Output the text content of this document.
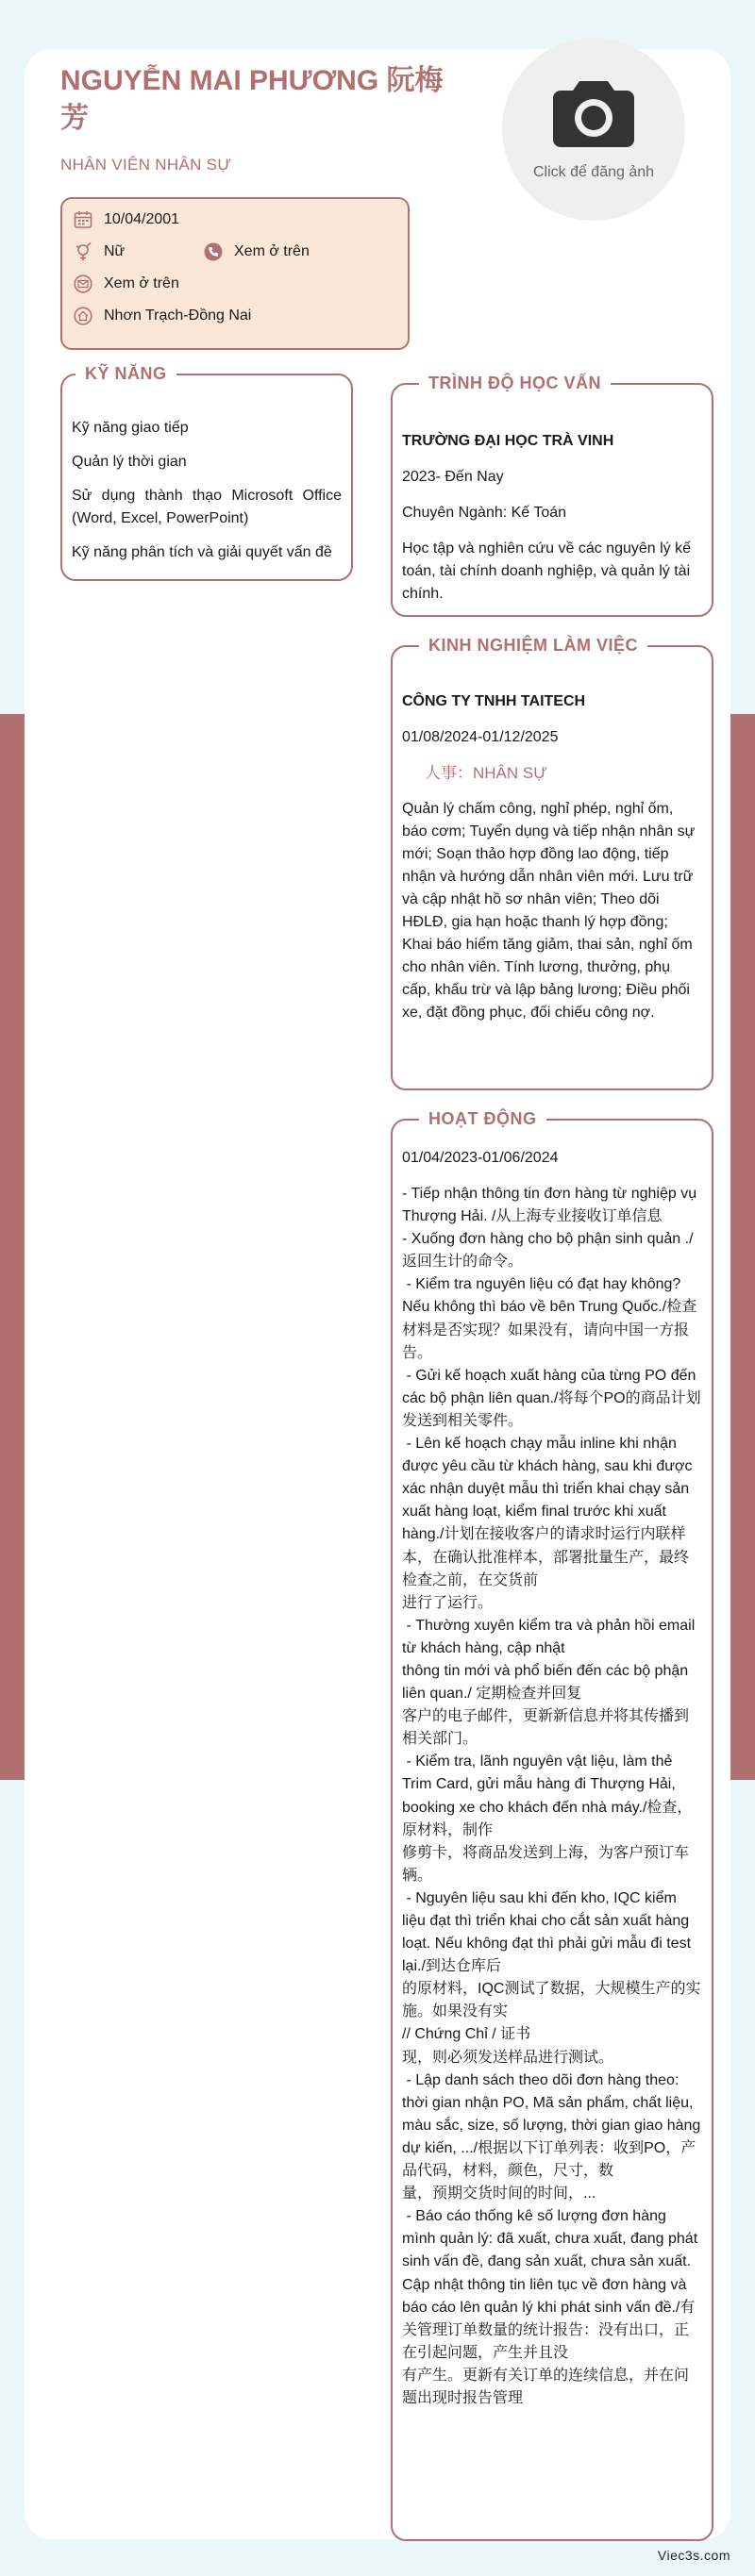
NGUYỄN MAI PHƯƠNG 阮梅芳
NHÂN VIÊN NHÂN SỰ	Click để đăng ảnh
10/04/2001
Nữ	Xem ở trên
Xem ở trên
Nhơn Trạch-Đồng Nai
KỸ NĂNG

Kỹ năng giao tiếp

Quản lý thời gian

Sử dụng thành thạo Microsoft Office (Word, Excel, PowerPoint)

Kỹ năng phân tích và giải quyết vấn đề

TRÌNH ĐỘ HỌC VẤN

TRƯỜNG ĐẠI HỌC TRÀ VINH

2023- Đến Nay

Chuyên Ngành: Kế Toán

Học tập và nghiên cứu về các nguyên lý kế toán, tài chính doanh nghiệp, và quản lý tài chính.

KINH NGHIỆM LÀM VIỆC

CÔNG TY TNHH TAITECH

01/08/2024-01/12/2025

人事：NHÂN SỰ

Quản lý chấm công, nghỉ phép, nghỉ ốm, báo cơm; Tuyển dụng và tiếp nhận nhân sự mới; Soạn thảo hợp đồng lao động, tiếp nhận và hướng dẫn nhân viên mới. Lưu trữ và cập nhật hồ sơ nhân viên; Theo dõi HĐLĐ, gia hạn hoặc thanh lý hợp đồng; Khai báo hiểm tăng giảm, thai sản, nghỉ ốm cho nhân viên. Tính lương, thưởng, phụ cấp, khấu trừ và lập bảng lương; Điều phối xe, đặt đồng phục, đối chiếu công nợ.

HOẠT ĐỘNG

01/04/2023-01/06/2024

- Tiếp nhận thông tin đơn hàng từ nghiệp vụ Thượng Hải. /从上海专业接收订单信息
- Xuống đơn hàng cho bộ phận sinh quản ./返回生计的命令。
- Kiểm tra nguyên liệu có đạt hay không? Nếu không thì báo về bên Trung Quốc./检查材料是否实现？如果没有，请向中国一方报告。
- Gửi kế hoạch xuất hàng của từng PO đến các bộ phận liên quan./将每个PO的商品计划发送到相关零件。
- Lên kế hoạch chạy mẫu inline khi nhận được yêu cầu từ khách hàng, sau khi được xác nhận duyệt mẫu thì triển khai chạy sản xuất hàng loạt, kiểm final trước khi xuất hàng./计划在接收客户的请求时运行内联样
本，在确认批准样本，部署批量生产，最终检查之前，在交货前
进行了运行。
- Thường xuyên kiểm tra và phản hồi email từ khách hàng, cập nhật
thông tin mới và phổ biến đến các bộ phận liên quan./ 定期检查并回复
客户的电子邮件，更新新信息并将其传播到相关部门。
- Kiểm tra, lãnh nguyên vật liệu, làm thẻ Trim Card, gửi mẫu hàng đi Thượng Hải, booking xe cho khách đến nhà máy./检查，原材料，制作
修剪卡，将商品发送到上海，为客户预订车辆。
- Nguyên liệu sau khi đến kho, IQC kiểm liệu đạt thì triển khai cho cắt sản xuất hàng loạt. Nếu không đạt thì phải gửi mẫu đi test lại./到达仓库后
的原材料，IQC测试了数据，大规模生产的实施。如果没有实
// Chứng Chỉ / 证书
现，则必须发送样品进行测试。
- Lập danh sách theo dõi đơn hàng theo: thời gian nhận PO, Mã sản phẩm, chất liệu, màu sắc, size, số lượng, thời gian giao hàng dự kiến, .../根据以下订单列表：收到PO，产品代码，材料，颜色，尺寸，数
量，预期交货时间的时间，...
- Báo cáo thống kê số lượng đơn hàng mình quản lý: đã xuất, chưa xuất, đang phát sinh vấn đề, đang sản xuất, chưa sản xuất. Cập nhật thông tin liên tục về đơn hàng và báo cáo lên quản lý khi phát sinh vấn đề./有关管理订单数量的统计报告：没有出口，正在引起问题，产生并且没
有产生。更新有关订单的连续信息，并在问题出现时报告管理

Viec3s.com
